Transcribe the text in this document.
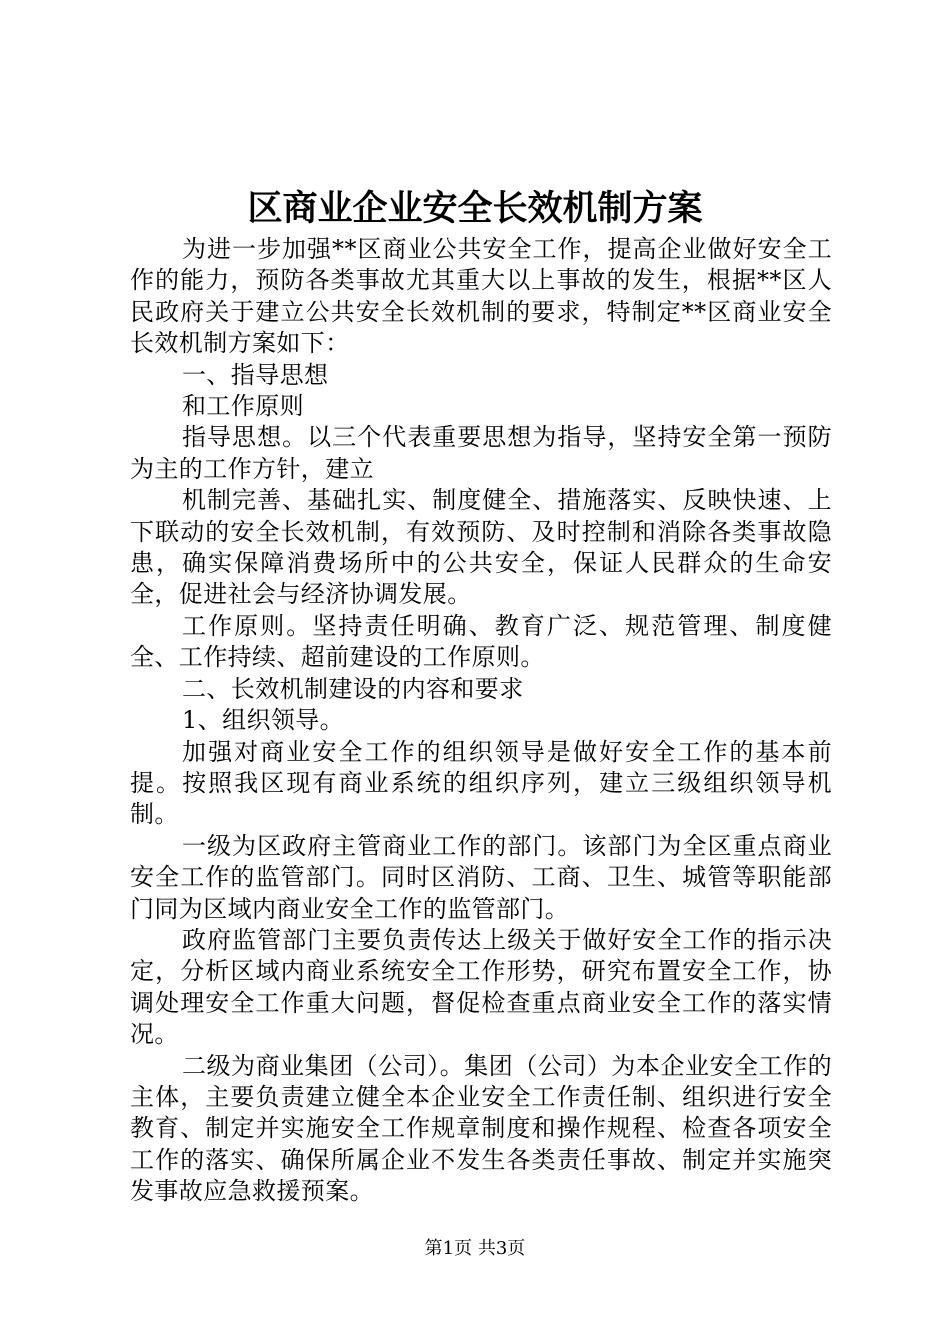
区商业企业安全长效机制方案

为进一步加强**区商业公共安全工作，提高企业做好安全工作的能力，预防各类事故尤其重大以上事故的发生，根据**区人民政府关于建立公共安全长效机制的要求，特制定**区商业安全长效机制方案如下：

一、指导思想

和工作原则

指导思想。以三个代表重要思想为指导，坚持安全第一预防为主的工作方针，建立

机制完善、基础扎实、制度健全、措施落实、反映快速、上下联动的安全长效机制，有效预防、及时控制和消除各类事故隐患，确实保障消费场所中的公共安全，保证人民群众的生命安全，促进社会与经济协调发展。

工作原则。坚持责任明确、教育广泛、规范管理、制度健全、工作持续、超前建设的工作原则。

二、长效机制建设的内容和要求

1、组织领导。

加强对商业安全工作的组织领导是做好安全工作的基本前提。按照我区现有商业系统的组织序列，建立三级组织领导机制。

一级为区政府主管商业工作的部门。该部门为全区重点商业安全工作的监管部门。同时区消防、工商、卫生、城管等职能部门同为区域内商业安全工作的监管部门。

政府监管部门主要负责传达上级关于做好安全工作的指示决定，分析区域内商业系统安全工作形势，研究布置安全工作，协调处理安全工作重大问题，督促检查重点商业安全工作的落实情况。

二级为商业集团（公司）。集团（公司）为本企业安全工作的主体，主要负责建立健全本企业安全工作责任制、组织进行安全教育、制定并实施安全工作规章制度和操作规程、检查各项安全工作的落实、确保所属企业不发生各类责任事故、制定并实施突发事故应急救援预案。

第1页 共3页
